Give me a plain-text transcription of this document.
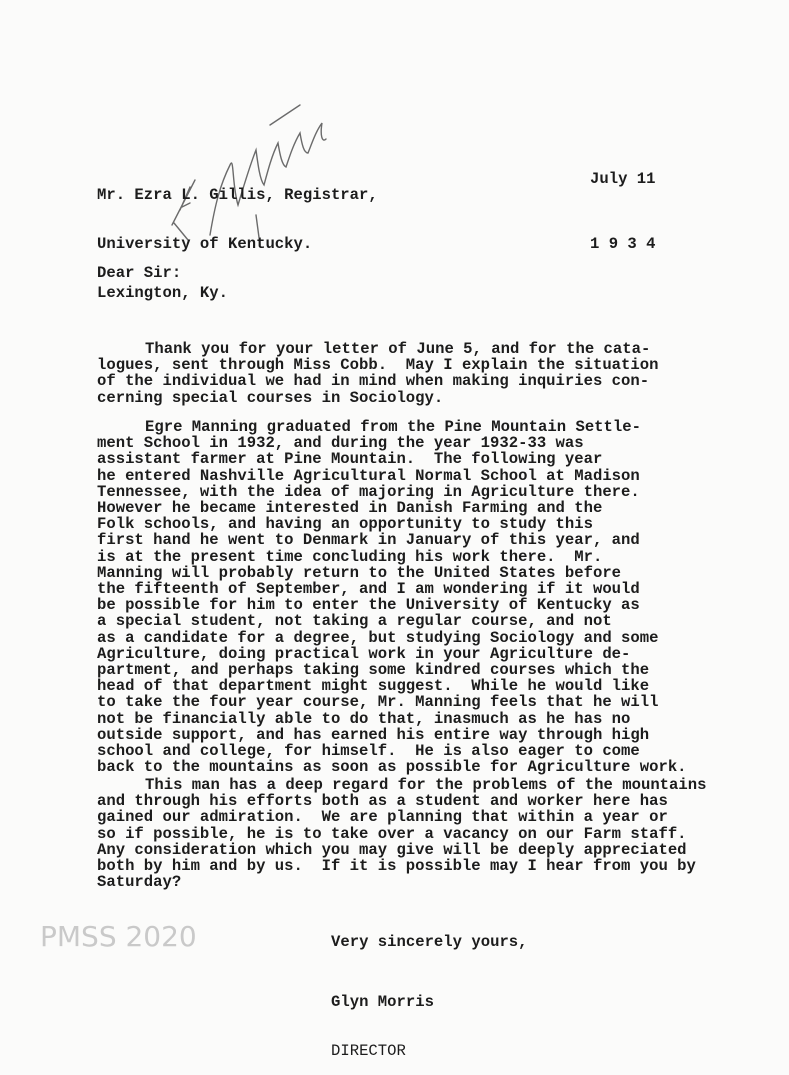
July 11

1 9 3 4

Mr. Ezra L. Gillis, Registrar,

University of Kentucky.

Lexington, Ky.

Dear Sir:

Thank you for your letter of June 5, and for the cata-
logues, sent through Miss Cobb.  May I explain the situation
of the individual we had in mind when making inquiries con-
cerning special courses in Sociology.
Egre Manning graduated from the Pine Mountain Settle-
ment School in 1932, and during the year 1932-33 was
assistant farmer at Pine Mountain.  The following year
he entered Nashville Agricultural Normal School at Madison
Tennessee, with the idea of majoring in Agriculture there.
However he became interested in Danish Farming and the
Folk schools, and having an opportunity to study this
first hand he went to Denmark in January of this year, and
is at the present time concluding his work there.  Mr.
Manning will probably return to the United States before
the fifteenth of September, and I am wondering if it would
be possible for him to enter the University of Kentucky as
a special student, not taking a regular course, and not
as a candidate for a degree, but studying Sociology and some
Agriculture, doing practical work in your Agriculture de-
partment, and perhaps taking some kindred courses which the
head of that department might suggest.  While he would like
to take the four year course, Mr. Manning feels that he will
not be financially able to do that, inasmuch as he has no
outside support, and has earned his entire way through high
school and college, for himself.  He is also eager to come
back to the mountains as soon as possible for Agriculture work.
This man has a deep regard for the problems of the mountains
and through his efforts both as a student and worker here has
gained our admiration.  We are planning that within a year or
so if possible, he is to take over a vacancy on our Farm staff.
Any consideration which you may give will be deeply appreciated
both by him and by us.  If it is possible may I hear from you by
Saturday?

Very sincerely yours,

Glyn Morris

DIRECTOR

PMSS 2020
